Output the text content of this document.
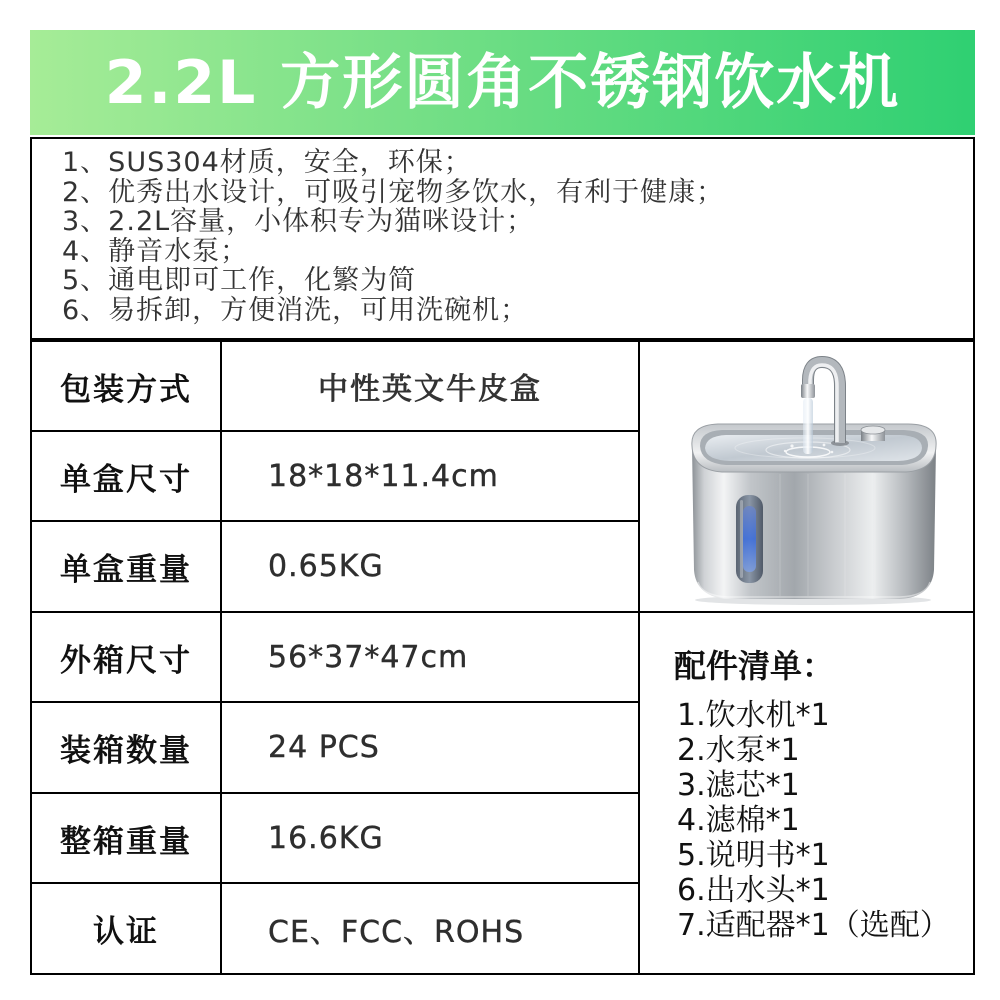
2.2L 方形圆角不锈钢饮水机
1、SUS304材质，安全，环保；
2、优秀出水设计，可吸引宠物多饮水，有利于健康；
3、2.2L容量，小体积专为猫咪设计；
4、静音水泵；
5、通电即可工作，化繁为简
6、易拆卸，方便消洗，可用洗碗机；
配件清单：
1.饮水机*1
2.水泵*1
3.滤芯*1
4.滤棉*1
5.说明书*1
6.出水头*1
7.适配器*1（选配）
包装方式	中性英文牛皮盒
单盒尺寸	18*18*11.4cm
单盒重量	0.65KG
外箱尺寸	56*37*47cm
装箱数量	24 PCS
整箱重量	16.6KG
认证	CE、FCC、ROHS
